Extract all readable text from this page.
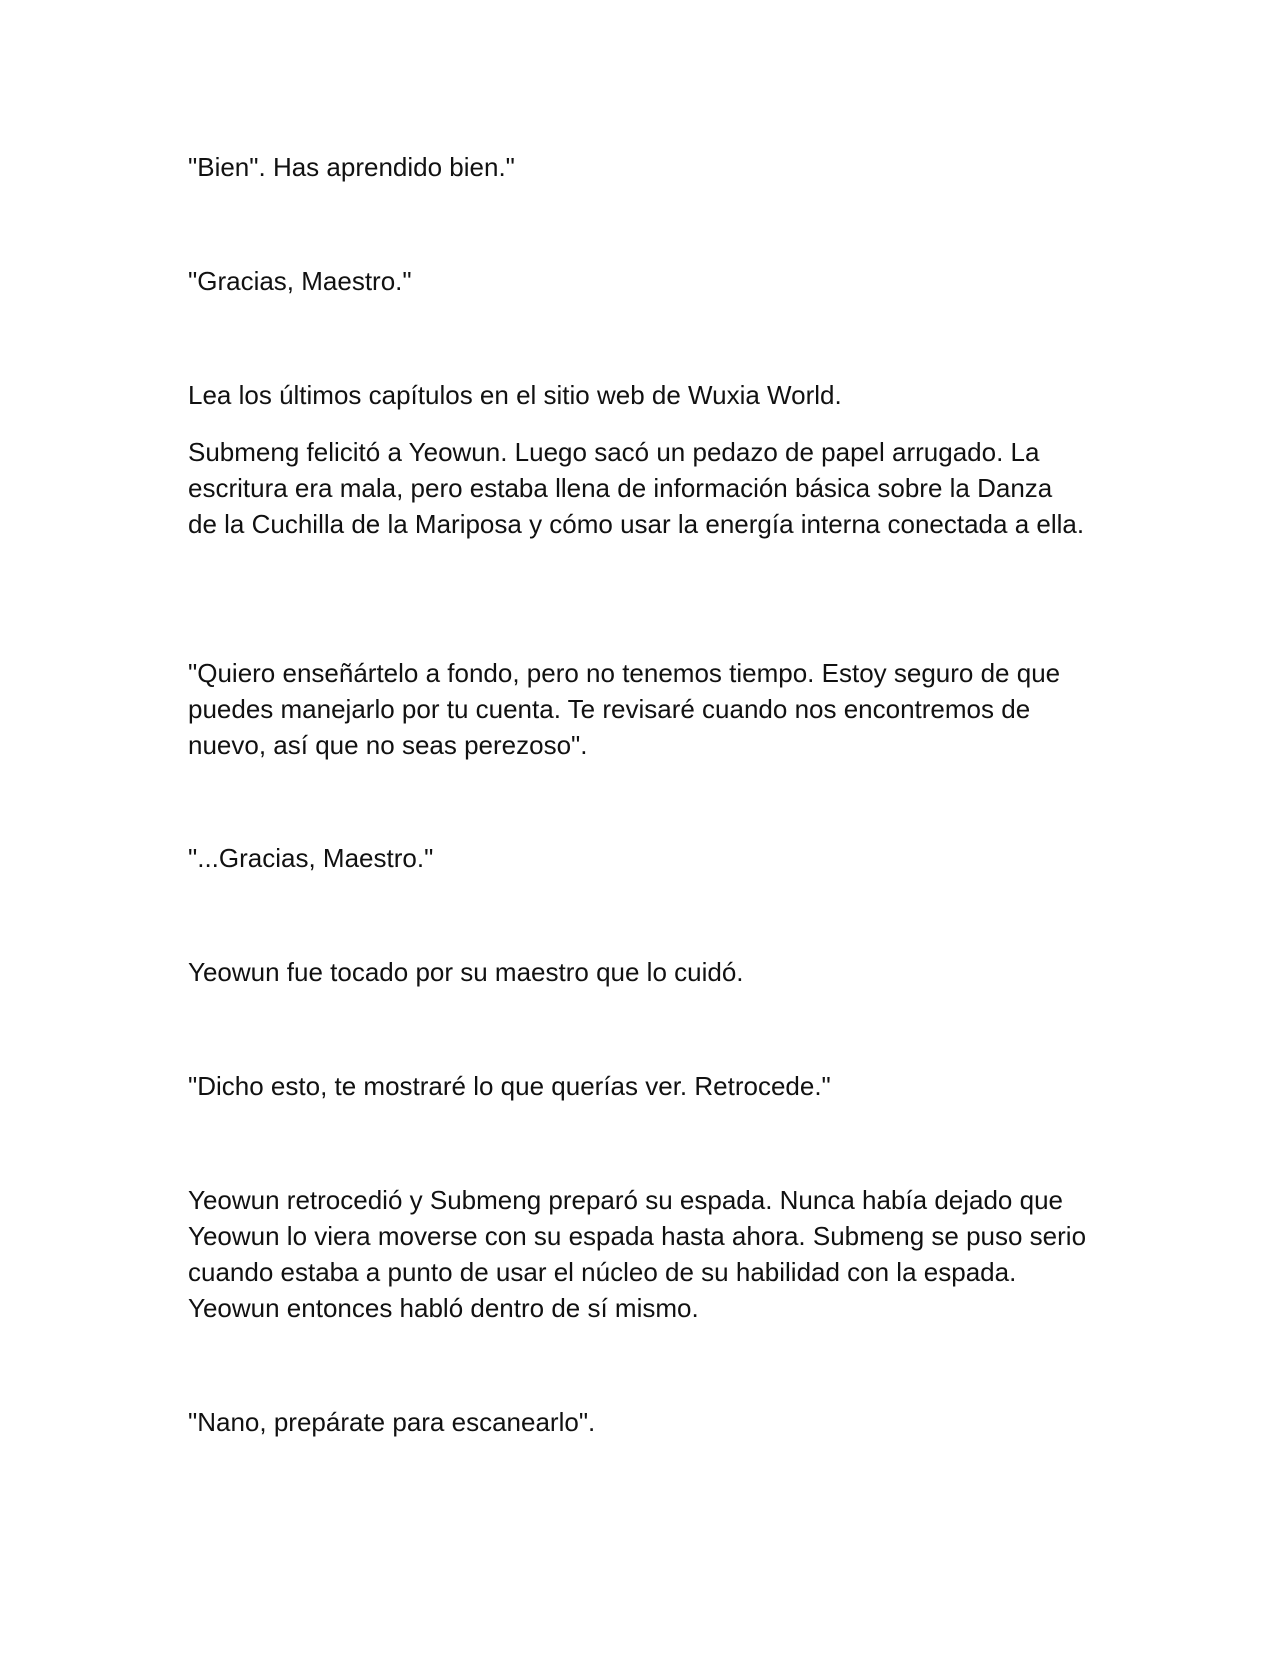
"Bien". Has aprendido bien."

"Gracias, Maestro."

Lea los últimos capítulos en el sitio web de Wuxia World.

Submeng felicitó a Yeowun. Luego sacó un pedazo de papel arrugado. La escritura era mala, pero estaba llena de información básica sobre la Danza de la Cuchilla de la Mariposa y cómo usar la energía interna conectada a ella.

"Quiero enseñártelo a fondo, pero no tenemos tiempo. Estoy seguro de que puedes manejarlo por tu cuenta. Te revisaré cuando nos encontremos de nuevo, así que no seas perezoso".

"...Gracias, Maestro."

Yeowun fue tocado por su maestro que lo cuidó.

"Dicho esto, te mostraré lo que querías ver. Retrocede."

Yeowun retrocedió y Submeng preparó su espada. Nunca había dejado que Yeowun lo viera moverse con su espada hasta ahora. Submeng se puso serio cuando estaba a punto de usar el núcleo de su habilidad con la espada. Yeowun entonces habló dentro de sí mismo.

"Nano, prepárate para escanearlo".
